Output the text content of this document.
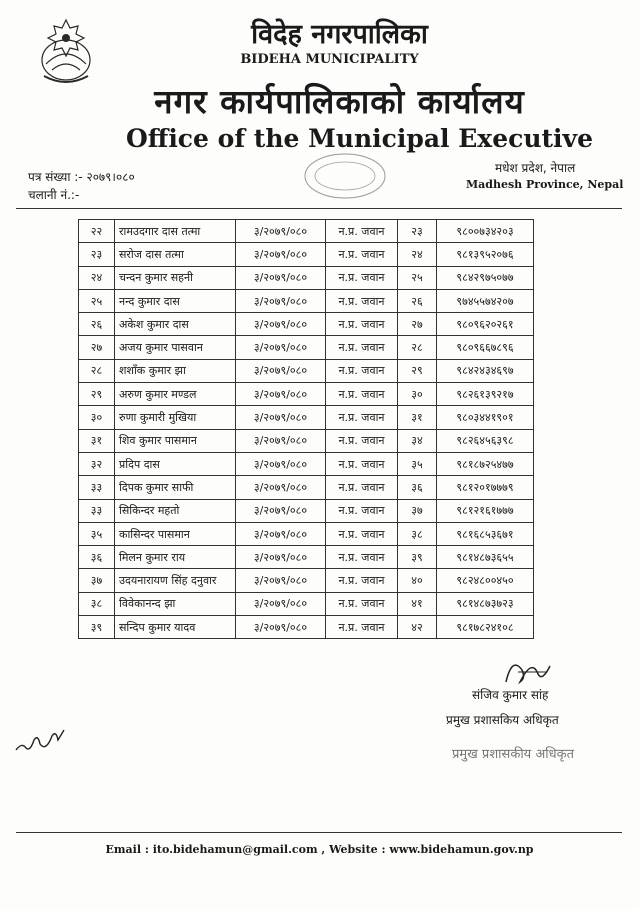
विदेह नगरपालिका
BIDEHA MUNICIPALITY
नगर कार्यपालिकाको कार्यालय
Office of the Municipal Executive
पत्र संख्या :- २०७९।०८०
चलानी नं.:-
मधेश प्रदेश, नेपाल
Madhesh Province, Nepal
२२	रामउदगार दास तत्मा	३/२०७९/०८०	न.प्र. जवान	२३	९८००७३४२०३
२३	सरोज दास तत्मा	३/२०७९/०८०	न.प्र. जवान	२४	९८१३९५२०७६
२४	चन्दन कुमार सहनी	३/२०७९/०८०	न.प्र. जवान	२५	९८४२९७५०७७
२५	नन्द कुमार दास	३/२०७९/०८०	न.प्र. जवान	२६	९७४५५७४२०७
२६	अकेश कुमार दास	३/२०७९/०८०	न.प्र. जवान	२७	९८०९६२०२६१
२७	अजय कुमार पासवान	३/२०७९/०८०	न.प्र. जवान	२८	९८०९६६७८९६
२८	शशाँक कुमार झा	३/२०७९/०८०	न.प्र. जवान	२९	९८४२४३४६९७
२९	अरुण कुमार मण्डल	३/२०७९/०८०	न.प्र. जवान	३०	९८२६१३९२१७
३०	रुणा कुमारी मुखिया	३/२०७९/०८०	न.प्र. जवान	३१	९८०३४४१९०१
३१	शिव कुमार पासमान	३/२०७९/०८०	न.प्र. जवान	३४	९८२६४५६३९८
३२	प्रदिप दास	३/२०७९/०८०	न.प्र. जवान	३५	९८१८७२५४७७
३३	दिपक कुमार साफी	३/२०७९/०८०	न.प्र. जवान	३६	९८१२०१७७७९
३३	सिकिन्दर महतो	३/२०७९/०८०	न.प्र. जवान	३७	९८१२१६१७७७
३५	कासिन्दर पासमान	३/२०७९/०८०	न.प्र. जवान	३८	९८१६८५३६७१
३६	मिलन कुमार राय	३/२०७९/०८०	न.प्र. जवान	३९	९८१४८७३६५५
३७	उदयनारायण सिंह दनुवार	३/२०७९/०८०	न.प्र. जवान	४०	९८२४८००४५०
३८	विवेकानन्द झा	३/२०७९/०८०	न.प्र. जवान	४१	९८१४८७३७२३
३९	सन्दिप कुमार यादव	३/२०७९/०८०	न.प्र. जवान	४२	९८१७८२४१०८
संजिव कुमार सांह
प्रमुख प्रशासकिय अधिकृत
प्रमुख प्रशासकीय अधिकृत
Email : ito.bidehamun@gmail.com , Website : www.bidehamun.gov.np
